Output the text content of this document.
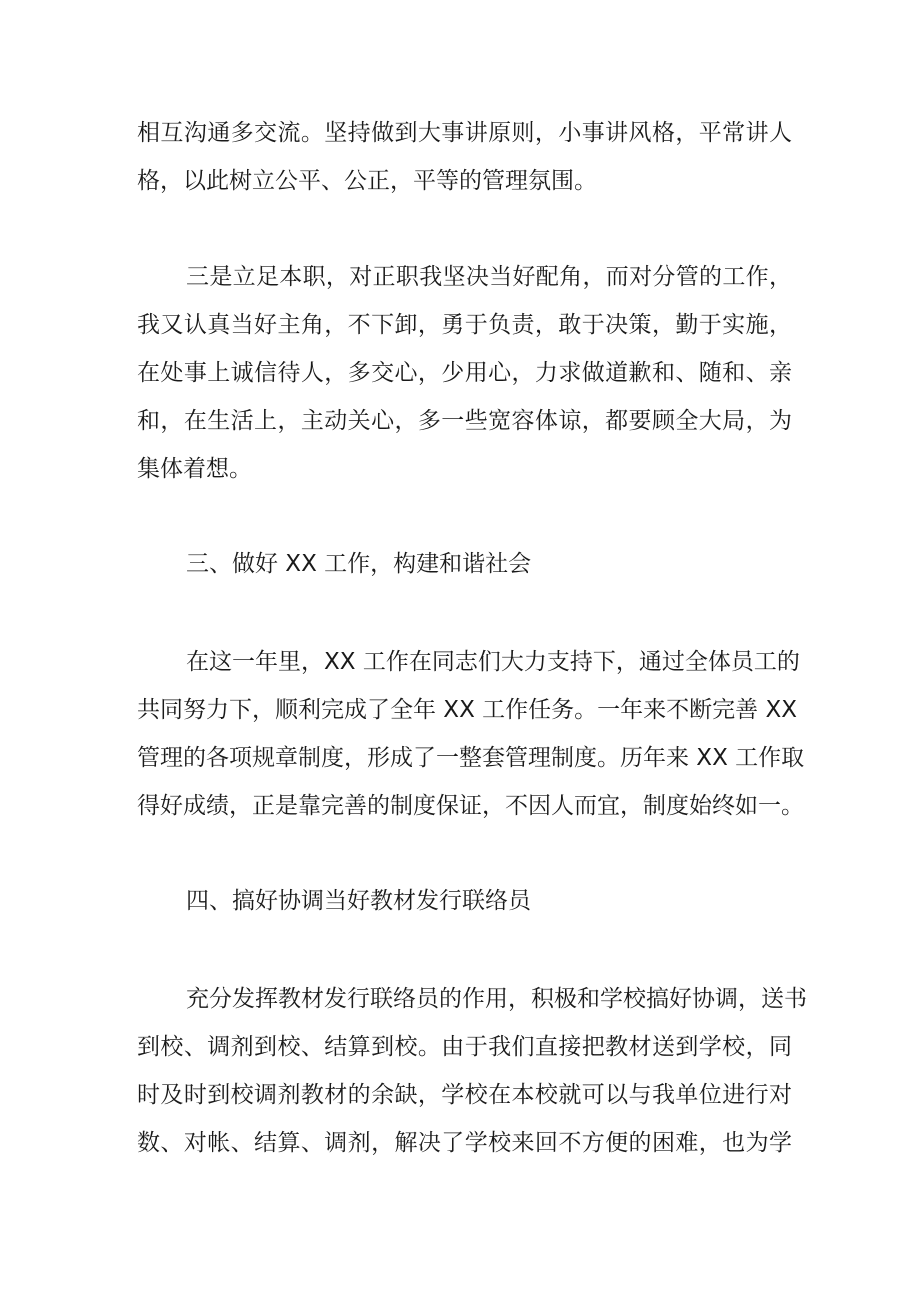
相互沟通多交流。坚持做到大事讲原则，小事讲风格，平常讲人
格，以此树立公平、公正，平等的管理氛围。
三是立足本职，对正职我坚决当好配角，而对分管的工作，
我又认真当好主角，不下卸，勇于负责，敢于决策，勤于实施，
在处事上诚信待人，多交心，少用心，力求做道歉和、随和、亲
和，在生活上，主动关心，多一些宽容体谅，都要顾全大局，为
集体着想。
三、做好 XX 工作，构建和谐社会
在这一年里，XX 工作在同志们大力支持下，通过全体员工的
共同努力下，顺利完成了全年 XX 工作任务。一年来不断完善 XX
管理的各项规章制度，形成了一整套管理制度。历年来 XX 工作取
得好成绩，正是靠完善的制度保证，不因人而宜，制度始终如一。
四、搞好协调当好教材发行联络员
充分发挥教材发行联络员的作用，积极和学校搞好协调，送书
到校、调剂到校、结算到校。由于我们直接把教材送到学校，同
时及时到校调剂教材的余缺，学校在本校就可以与我单位进行对
数、对帐、结算、调剂，解决了学校来回不方便的困难，也为学
